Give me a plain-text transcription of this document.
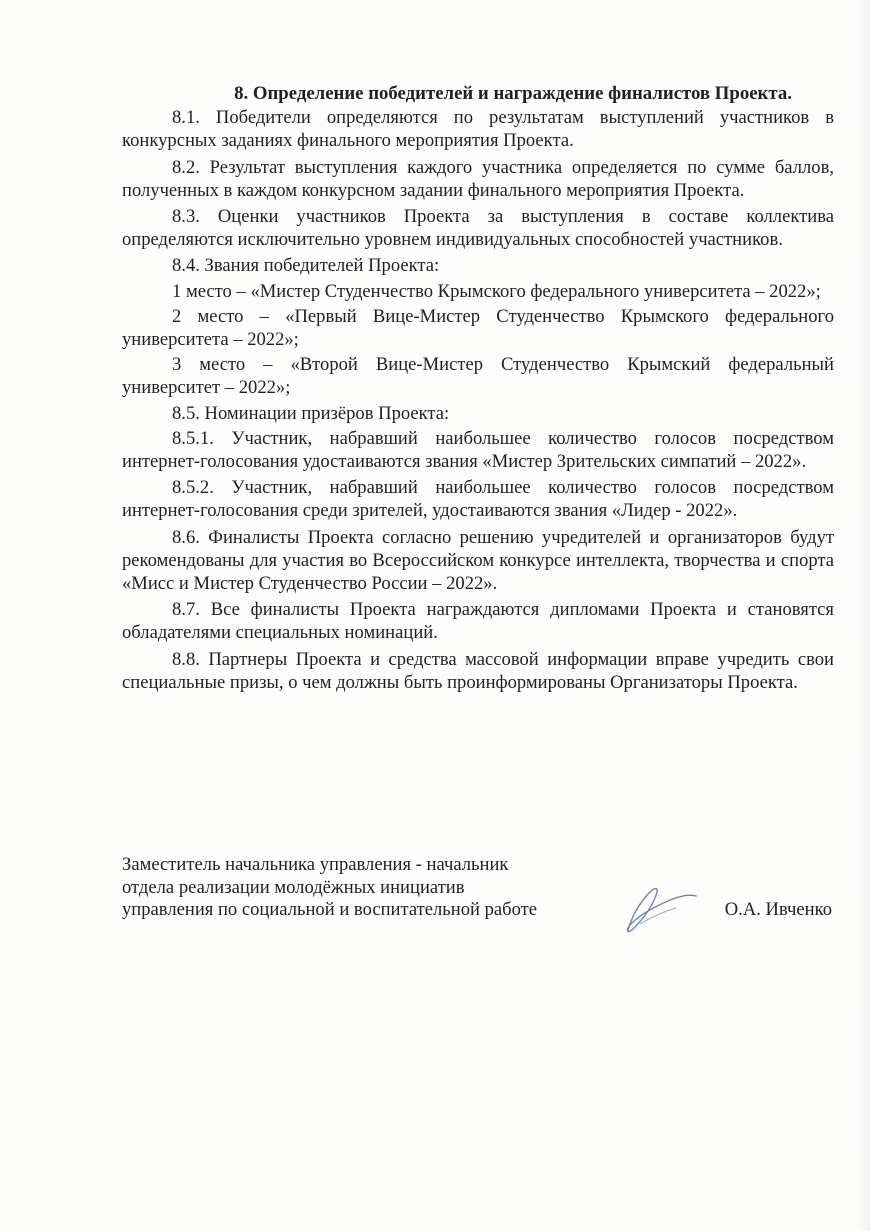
8. Определение победителей и награждение финалистов Проекта.

8.1. Победители определяются по результатам выступлений участников в конкурсных заданиях финального мероприятия Проекта.

8.2. Результат выступления каждого участника определяется по сумме баллов, полученных в каждом конкурсном задании финального мероприятия Проекта.

8.3. Оценки участников Проекта за выступления в составе коллектива определяются исключительно уровнем индивидуальных способностей участников.

8.4. Звания победителей Проекта:

1 место – «Мистер Студенчество Крымского федерального университета – 2022»;

2 место – «Первый Вице-Мистер Студенчество Крымского федерального университета – 2022»;

3 место – «Второй Вице-Мистер Студенчество Крымский федеральный университет – 2022»;

8.5. Номинации призёров Проекта:

8.5.1. Участник, набравший наибольшее количество голосов посредством интернет-голосования удостаиваются звания «Мистер Зрительских симпатий – 2022».

8.5.2. Участник, набравший наибольшее количество голосов посредством интернет-голосования среди зрителей, удостаиваются звания «Лидер - 2022».

8.6. Финалисты Проекта согласно решению учредителей и организаторов будут рекомендованы для участия во Всероссийском конкурсе интеллекта, творчества и спорта «Мисс и Мистер Студенчество России – 2022».

8.7. Все финалисты Проекта награждаются дипломами Проекта и становятся обладателями специальных номинаций.

8.8. Партнеры Проекта и средства массовой информации вправе учредить свои специальные призы, о чем должны быть проинформированы Организаторы Проекта.

Заместитель начальника управления - начальник
отдела реализации молодёжных инициатив
управления по социальной и воспитательной работе	О.А. Ивченко
